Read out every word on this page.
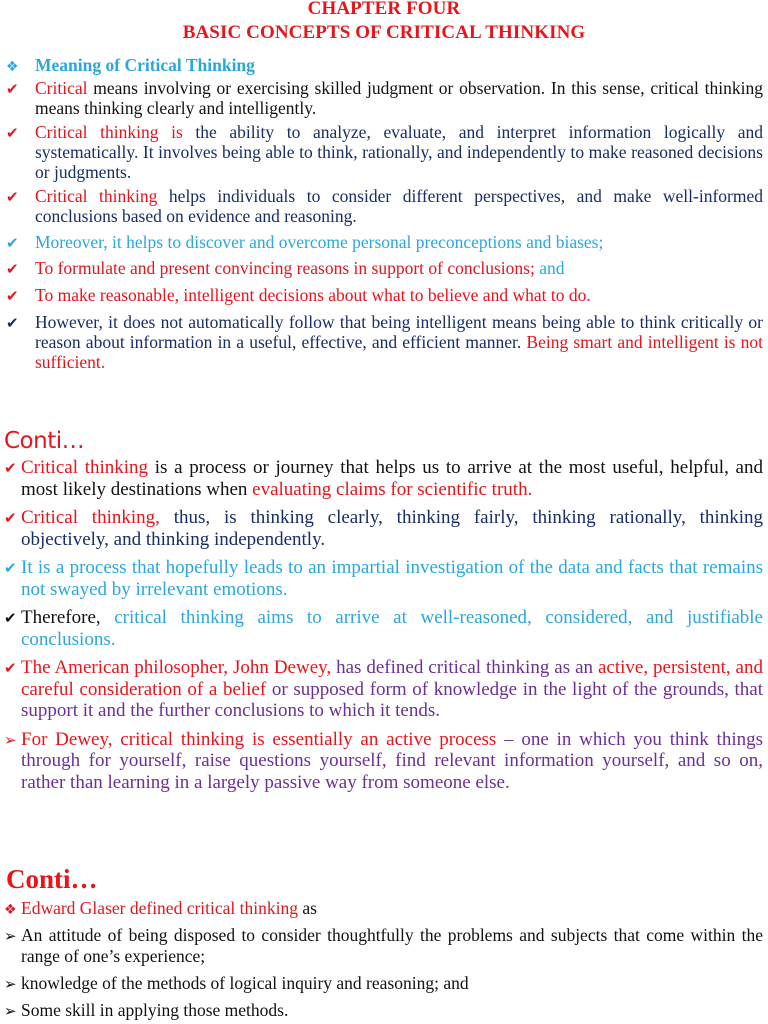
CHAPTER FOUR
BASIC CONCEPTS OF CRITICAL THINKING
❖ Meaning of Critical Thinking
✔ Critical means involving or exercising skilled judgment or observation. In this sense, critical thinking means thinking clearly and intelligently.
✔ Critical thinking is the ability to analyze, evaluate, and interpret information logically and systematically. It involves being able to think, rationally, and independently to make reasoned decisions or judgments.
✔ Critical thinking helps individuals to consider different perspectives, and make well-informed conclusions based on evidence and reasoning.
✔ Moreover, it helps to discover and overcome personal preconceptions and biases;
✔ To formulate and present convincing reasons in support of conclusions; and
✔ To make reasonable, intelligent decisions about what to believe and what to do.
✔ However, it does not automatically follow that being intelligent means being able to think critically or reason about information in a useful, effective, and efficient manner. Being smart and intelligent is not sufficient.
Conti…
✔ Critical thinking is a process or journey that helps us to arrive at the most useful, helpful, and most likely destinations when evaluating claims for scientific truth.
✔ Critical thinking, thus, is thinking clearly, thinking fairly, thinking rationally, thinking objectively, and thinking independently.
✔ It is a process that hopefully leads to an impartial investigation of the data and facts that remains not swayed by irrelevant emotions.
✔ Therefore, critical thinking aims to arrive at well-reasoned, considered, and justifiable conclusions.
✔ The American philosopher, John Dewey, has defined critical thinking as an active, persistent, and careful consideration of a belief or supposed form of knowledge in the light of the grounds, that support it and the further conclusions to which it tends.
➢ For Dewey, critical thinking is essentially an active process – one in which you think things through for yourself, raise questions yourself, find relevant information yourself, and so on, rather than learning in a largely passive way from someone else.
Conti…
❖ Edward Glaser defined critical thinking as
➢ An attitude of being disposed to consider thoughtfully the problems and subjects that come within the range of one’s experience;
➢ knowledge of the methods of logical inquiry and reasoning; and
➢ Some skill in applying those methods.
